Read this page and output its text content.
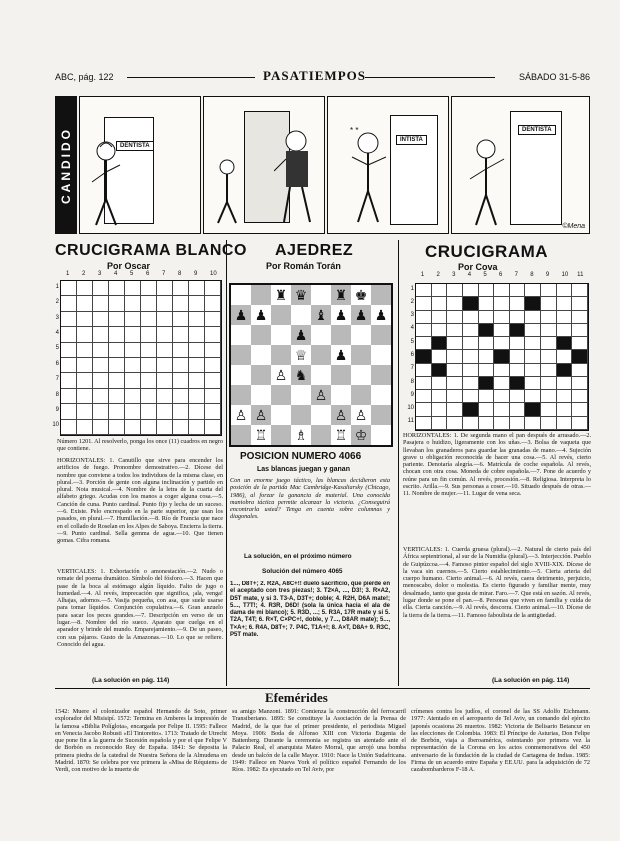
ABC, pág. 122	PASATIEMPOS	SÁBADO 31-5-86
CANDIDO	DENTISTA
INTISTA
* *	DENTISTA
©Mena
CRUCIGRAMA BLANCO
Por Oscar
1 2 3 4 5 6 7 8 9 10
1
2
3
4
5
6
7
8
9
10
Número 1201. Al resolverlo, ponga los once (11) cuadros en negro que contiene.
HORIZONTALES: 1. Canutillo que sirve para encender los artificios de fuego. Pronombre demostrativo.—2. Dícese del nombre que conviene a todos los individuos de la misma clase, en plural.—3. Porción de gente con alguna inclinación y partido en plural. Nota musical.—4. Nombre de la letra de la cuarta del alfabeto griego. Acudas con los manos a coger alguna cosa.—5. Canción de cuna. Punto cardinal. Punto fijo y lecha de un suceso.—6. Existe. Pelo encrespado en la parte superior, que usan los pasados, en plural.—7. Humillación.—8. Río de Francia que nace en el collado de Roselan en los Alpes de Saboya. Encierra la tierra.—9. Punto cardinal. Sella gemma de agua.—10. Que tienen gomas. Cifra romana.
VERTICALES: 1. Exhortación o amonestación.—2. Nudo o remate del poema dramático. Símbolo del fósforo.—3. Hacen que pase de la boca al estómago algún líquido. Falto de jugo o humedad.—4. Al revés, imprecación que significa, ¡ala, venga! Alhajas, adornos.—5. Vasija pequeña, con asa, que suele usarse para tomar líquidos. Conjunción copulativa.—6. Gran anzuelo para sacar los peces grandes.—7. Descripción en verso de un lugar.—8. Nombre del río sueco. Aparato que cuelga en el aparador y brinde del mundo. Emparejamiento.—9. De un paseo, con sus pájaros. Gusto de la Amazonas.—10. Lo que se refiere. Conocido del agua.
(La solución en pág. 114)
AJEDREZ
Por Román Torán
♜ ♛ ♜ ♚
♟ ♟	♝ ♟ ♟ ♟
♟
♕ ♟
♙ ♞
♙
♙ ♙	♙ ♙
♖ ♗ ♖ ♔
POSICION NUMERO 4066
Las blancas juegan y ganan
Con un enorme juego táctico, las blancas decidieron esta posición de la partida Mac Cambridge-Kasaliarsky (Chicago, 1986), al forzar la ganancia de material. Una conocida maniobra táctica permite alcanzar la victoria. ¿Conseguirá encontrarla usted? Tenga en cuenta sobre columnas y diagonales.
La solución, en el próximo número
Solución del número 4065
1..., D8T+; 2. R2A, A8C+!! duelo sacrificio, que pierde en el aceptado con tres piezas!; 3. T2×A, ..., D3!; 3. R×A2, D5T mate, y si 3. T3-A, D3T+; doble; 4. R2H, D6A mate!; 5..., T7T!; 4. R3R, D6D! (sola la única hacia el ala de dama de mi blanco); 5. R3D, ...; 5. R3A, 17R mate y si 5. T2A, T4T; 6. R×T, C×PC+!, doble, y 7..., D8AR mate); 5..., T×A+; 6. R4A, D8T+; 7. P4C, T1A+!; 8. A×T, D8A+ 9. R3C, P5T mate.
CRUCIGRAMA
Por Cova
1 2 3 4 5 6 7 8 9 10 11
1
2
3
4
5
6
7
8
9
10
11
HORIZONTALES: 1. De segunda mano el pan después de arrasado.—2. Pasajera o huidizo, ligeramente con los uñas.—3. Bolsa de vaqueta que llevaban los granaderos para guardar las granadas de mano.—4. Sujeción grave u obligación reconocida de hacer una cosa.—5. Al revés, cierto pariente. Denotaría alegría.—6. Matrícula de coche española. Al revés, chocan con otra cosa. Moneda de cobre española.—7. Pone de acuerdo y reúne para un fin común. Al revés, procesión.—8. Religiosa. Interpreta lo escrito. Arilla.—9. Sus personas a coser.—10. Situado después de otras.—11. Nombre de mujer.—11. Lugar de vena seca.
VERTICALES: 1. Cuerda gruesa (plural).—2. Natural de cierto país del África septentrional, al sur de la Numidia (plural).—3. Interjección. Pueblo de Guipúzcoa.—4. Famoso pintor español del siglo XVIII-XIX. Dícese de la vaca sin cuernos.—5. Cierto establecimiento.—5. Cierta arteria del cuerpo humano. Cierto animal.—6. Al revés, caera detrimento, perjuicio, menoscabo, dolor o molestia. Es cierto figurado y familiar mente, muy desalmado, tanto que gusta de mirar. Faro.—7. Que está en sazón. Al revés, lugar donde se pone el pan.—8. Personas que viven en familia y cuida de ella. Cierta canción.—9. Al revés, descorra. Cierto animal.—10. Dícese de la tierra de la tierra.—11. Famoso faboulista de la antigüedad.
(La solución en pág. 114)
Efemérides
1542: Muere el colonizador español Hernando de Soto, primer explorador del Misisipí. 1572: Termina en Amberes la impresión de la famosa «Biblia Políglota», encargada por Felipe II. 1595: Fallece en Venecia Jacobo Robusti «El Tintoretto». 1713: Tratado de Utrecht que pone fin a la guerra de Sucesión española y por el que Felipe V de Borbón es reconocido Rey de España. 1841: Se deposita la primera piedra de la catedral de Nuestra Señora de la Almudena en Madrid. 1870: Se celebra por vez primera la «Misa de Réquiem» de Verdi, con motivo de la muerte de
su amigo Manzoni. 1891: Comienza la construcción del ferrocarril Transiberiano. 1895: Se constituye la Asociación de la Prensa de Madrid, de la que fue el primer presidente, el periodista Miguel Moya. 1906: Boda de Alfonso XIII con Victoria Eugenia de Battenberg. Durante la ceremonia se registra un atentado ante el Palacio Real, el anarquista Mateo Morral, que arrojó una bomba desde un balcón de la calle Mayor. 1910: Nace la Unión Sudafricana. 1949: Fallece en Nueva York el político español Fernando de los Ríos. 1982: Es ejecutado en Tel Aviv, por
crímenes contra los judíos, el coronel de las SS Adolfo Eichmann. 1977: Atentado en el aeropuerto de Tel Aviv, un comando del ejército japonés ocasiona 26 muertos. 1982: Victoria de Belisario Betancur en las elecciones de Colombia. 1983: El Príncipe de Asturias, Don Felipe de Borbón, viaja a Iberoamérica, ostentando por primera vez la representación de la Corona en los actos conmemorativos del 450 aniversario de la fundación de la ciudad de Cartagena de Indias. 1985: Firma de un acuerdo entre España y EE.UU. para la adquisición de 72 cazabombarderos F-18 A.
